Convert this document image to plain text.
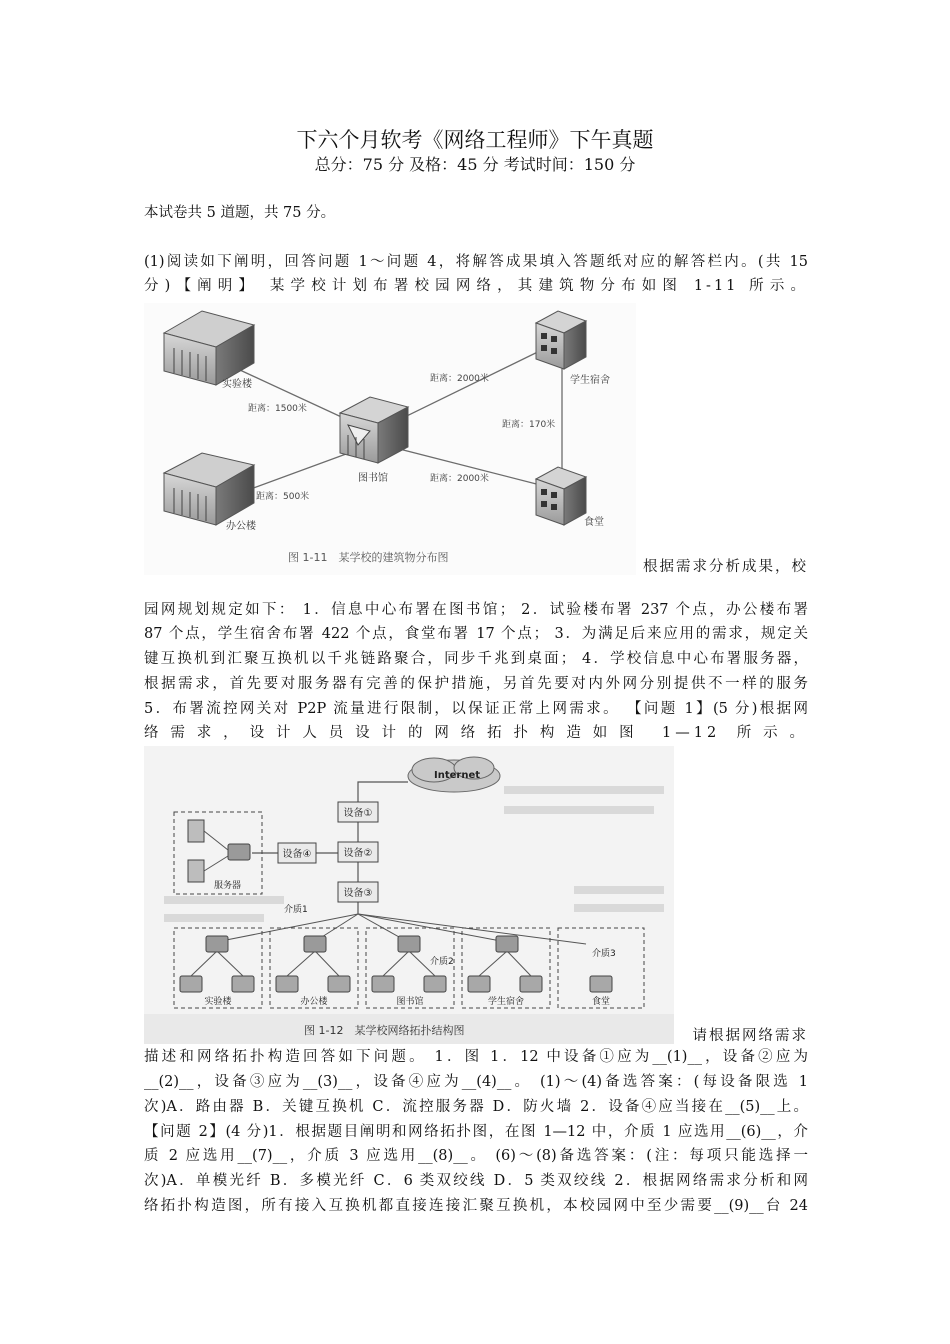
下六个月软考《网络工程师》下午真题
总分：75 分 及格：45 分 考试时间：150 分
本试卷共 5 道题，共 75 分。
(1)阅读如下阐明，回答问题 1～问题 4，将解答成果填入答题纸对应的解答栏内。(共 15
分)【阐明】 某学校计划布署校园网络，其建筑物分布如图 1-11 所示。
实验楼
办公楼
图书馆
学生宿舍
食堂
距离：1500米
距离：500米
距离：2000米
距离：2000米
距离：170米
图 1-11　某学校的建筑物分布图
根据需求分析成果，校
园网规划规定如下： 1．信息中心布署在图书馆； 2．试验楼布署 237 个点，办公楼布署
87 个点，学生宿舍布署 422 个点，食堂布署 17 个点； 3．为满足后来应用的需求，规定关
键互换机到汇聚互换机以千兆链路聚合，同步千兆到桌面； 4．学校信息中心布署服务器，
根据需求，首先要对服务器有完善的保护措施，另首先要对内外网分别提供不一样的服务
5．布署流控网关对 P2P 流量进行限制，以保证正常上网需求。 【问题 1】(5 分)根据网
络需求，设计人员设计的网络拓扑构造如图 1—12 所示。
Internet
设备①
设备②
设备③
设备④
服务器
介质1
介质2
介质3
实验楼	办公楼	图书馆	学生宿舍	食堂
图 1-12　某学校网络拓扑结构图	请根据网络需求
描述和网络拓扑构造回答如下问题。 1．图 1．12 中设备①应为__(1)__，设备②应为
__(2)__，设备③应为__(3)__，设备④应为__(4)__。 (1)～(4)备选答案：(每设备限选 1
次)A．路由器 B．关键互换机 C．流控服务器 D．防火墙 2．设备④应当接在__(5)__上。
【问题 2】(4 分)1．根据题目阐明和网络拓扑图，在图 1—12 中，介质 1 应选用__(6)__，介
质 2 应选用__(7)__，介质 3 应选用__(8)__。 (6)～(8)备选答案：(注：每项只能选择一
次)A．单模光纤 B．多模光纤 C．6 类双绞线 D．5 类双绞线 2．根据网络需求分析和网
络拓扑构造图，所有接入互换机都直接连接汇聚互换机，本校园网中至少需要__(9)__台 24
